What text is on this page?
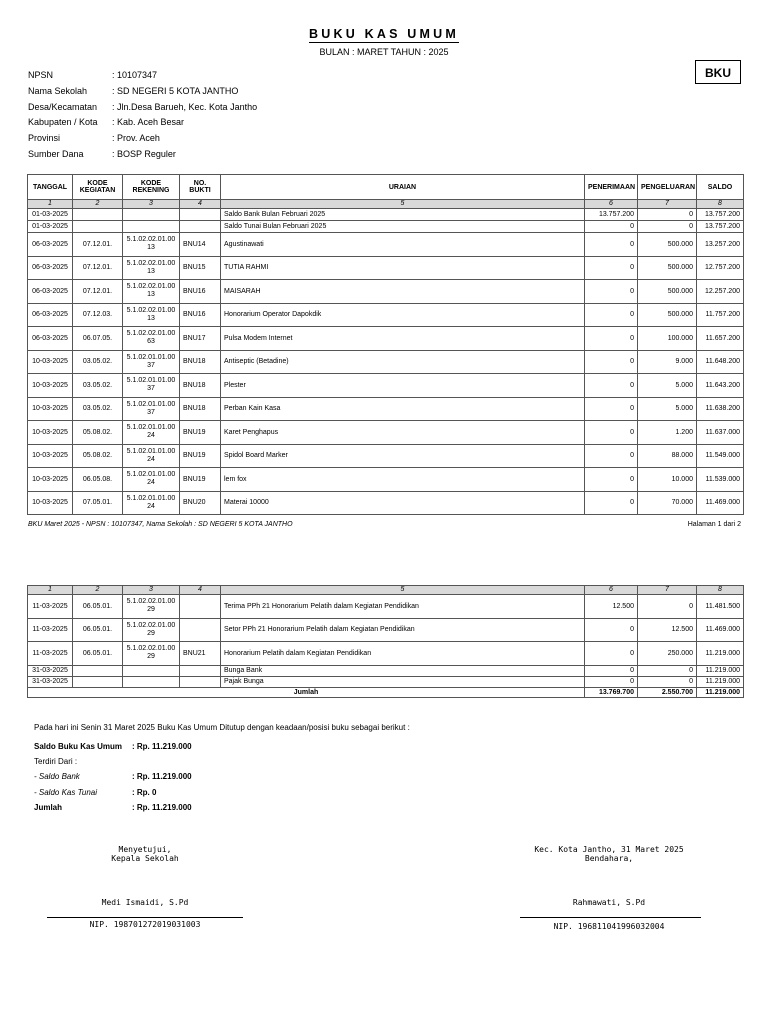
BUKU KAS UMUM
BULAN : MARET TAHUN : 2025
BKU
NPSN	: 10107347
Nama Sekolah	: SD NEGERI 5 KOTA JANTHO
Desa/Kecamatan	: Jln.Desa Barueh, Kec. Kota Jantho
Kabupaten / Kota	: Kab. Aceh Besar
Provinsi	: Prov. Aceh
Sumber Dana	: BOSP Reguler
TANGGAL	KODE KEGIATAN	KODE REKENING	NO. BUKTI	URAIAN	PENERIMAAN	PENGELUARAN	SALDO
1	2	3	4	5	6	7	8
01-03-2025				Saldo Bank Bulan Februari 2025	13.757.200	0	13.757.200
01-03-2025				Saldo Tunai Bulan Februari 2025	0	0	13.757.200
06-03-2025	07.12.01.	5.1.02.02.01.00 13	BNU14	Agustinawati	0	500.000	13.257.200
06-03-2025	07.12.01.	5.1.02.02.01.00 13	BNU15	TUTIA RAHMI	0	500.000	12.757.200
06-03-2025	07.12.01.	5.1.02.02.01.00 13	BNU16	MAISARAH	0	500.000	12.257.200
06-03-2025	07.12.03.	5.1.02.02.01.00 13	BNU16	Honorarium Operator Dapokdik	0	500.000	11.757.200
06-03-2025	06.07.05.	5.1.02.02.01.00 63	BNU17	Pulsa Modem Internet	0	100.000	11.657.200
10-03-2025	03.05.02.	5.1.02.01.01.00 37	BNU18	Antiseptic (Betadine)	0	9.000	11.648.200
10-03-2025	03.05.02.	5.1.02.01.01.00 37	BNU18	Plester	0	5.000	11.643.200
10-03-2025	03.05.02.	5.1.02.01.01.00 37	BNU18	Perban Kain Kasa	0	5.000	11.638.200
10-03-2025	05.08.02.	5.1.02.01.01.00 24	BNU19	Karet Penghapus	0	1.200	11.637.000
10-03-2025	05.08.02.	5.1.02.01.01.00 24	BNU19	Spidol Board Marker	0	88.000	11.549.000
10-03-2025	06.05.08.	5.1.02.01.01.00 24	BNU19	lem fox	0	10.000	11.539.000
10-03-2025	07.05.01.	5.1.02.01.01.00 24	BNU20	Materai 10000	0	70.000	11.469.000
BKU Maret 2025 - NPSN : 10107347, Nama Sekolah : SD NEGERI 5 KOTA JANTHO	Halaman 1 dari 2
1	2	3	4	5	6	7	8
11-03-2025	06.05.01.	5.1.02.02.01.00 29		Terima PPh 21 Honorarium Pelatih dalam Kegiatan Pendidikan	12.500	0	11.481.500
11-03-2025	06.05.01.	5.1.02.02.01.00 29		Setor PPh 21 Honorarium Pelatih dalam Kegiatan Pendidikan	0	12.500	11.469.000
11-03-2025	06.05.01.	5.1.02.02.01.00 29	BNU21	Honorarium Pelatih dalam Kegiatan Pendidikan	0	250.000	11.219.000
31-03-2025				Bunga Bank	0	0	11.219.000
31-03-2025				Pajak Bunga	0	0	11.219.000
Jumlah					13.769.700	2.550.700	11.219.000
Pada hari ini Senin 31 Maret 2025 Buku Kas Umum Ditutup dengan keadaan/posisi buku sebagai berikut :
Saldo Buku Kas Umum	: Rp. 11.219.000
Terdiri Dari :
- Saldo Bank	: Rp. 11.219.000
- Saldo Kas Tunai	: Rp. 0
Jumlah	: Rp. 11.219.000
Menyetujui,
Kepala Sekolah
Medi Ismaidi, S.Pd
NIP. 198701272019031003
Kec. Kota Jantho, 31 Maret 2025
Bendahara,
Rahmawati, S.Pd
NIP. 196811041996032004
